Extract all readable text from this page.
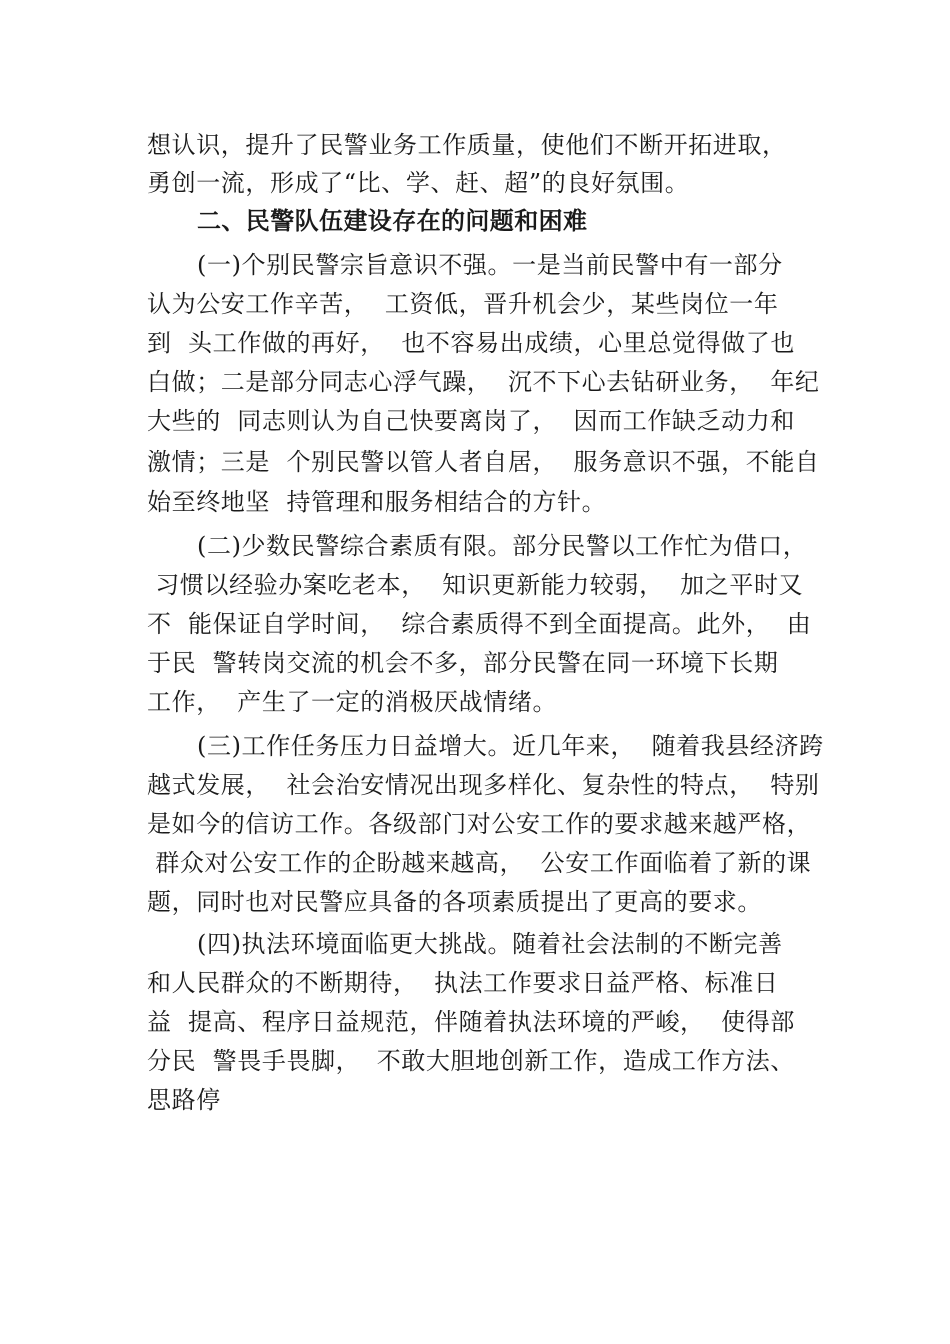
想认识，提升了民警业务工作质量，使他们不断开拓进取，
勇创一流，形成了“比、学、赶、超”的良好氛围。
二、民警队伍建设存在的问题和困难
(一)个别民警宗旨意识不强。一是当前民警中有一部分
认为公安工作辛苦，  工资低，晋升机会少，某些岗位一年
到  头工作做的再好，  也不容易出成绩，心里总觉得做了也
白做；二是部分同志心浮气躁，  沉不下心去钻研业务，  年纪
大些的  同志则认为自己快要离岗了，  因而工作缺乏动力和
激情；三是  个别民警以管人者自居，  服务意识不强，不能自
始至终地坚  持管理和服务相结合的方针。
(二)少数民警综合素质有限。部分民警以工作忙为借口，
习惯以经验办案吃老本，  知识更新能力较弱，  加之平时又
不  能保证自学时间，  综合素质得不到全面提高。此外，  由
于民  警转岗交流的机会不多，部分民警在同一环境下长期
工作，  产生了一定的消极厌战情绪。
(三)工作任务压力日益增大。近几年来，  随着我县经济跨
越式发展，  社会治安情况出现多样化、复杂性的特点，  特别
是如今的信访工作。各级部门对公安工作的要求越来越严格，
群众对公安工作的企盼越来越高，  公安工作面临着了新的课
题，同时也对民警应具备的各项素质提出了更高的要求。
(四)执法环境面临更大挑战。随着社会法制的不断完善
和人民群众的不断期待，  执法工作要求日益严格、标准日
益  提高、程序日益规范，伴随着执法环境的严峻，  使得部
分民  警畏手畏脚，  不敢大胆地创新工作，造成工作方法、
思路停
